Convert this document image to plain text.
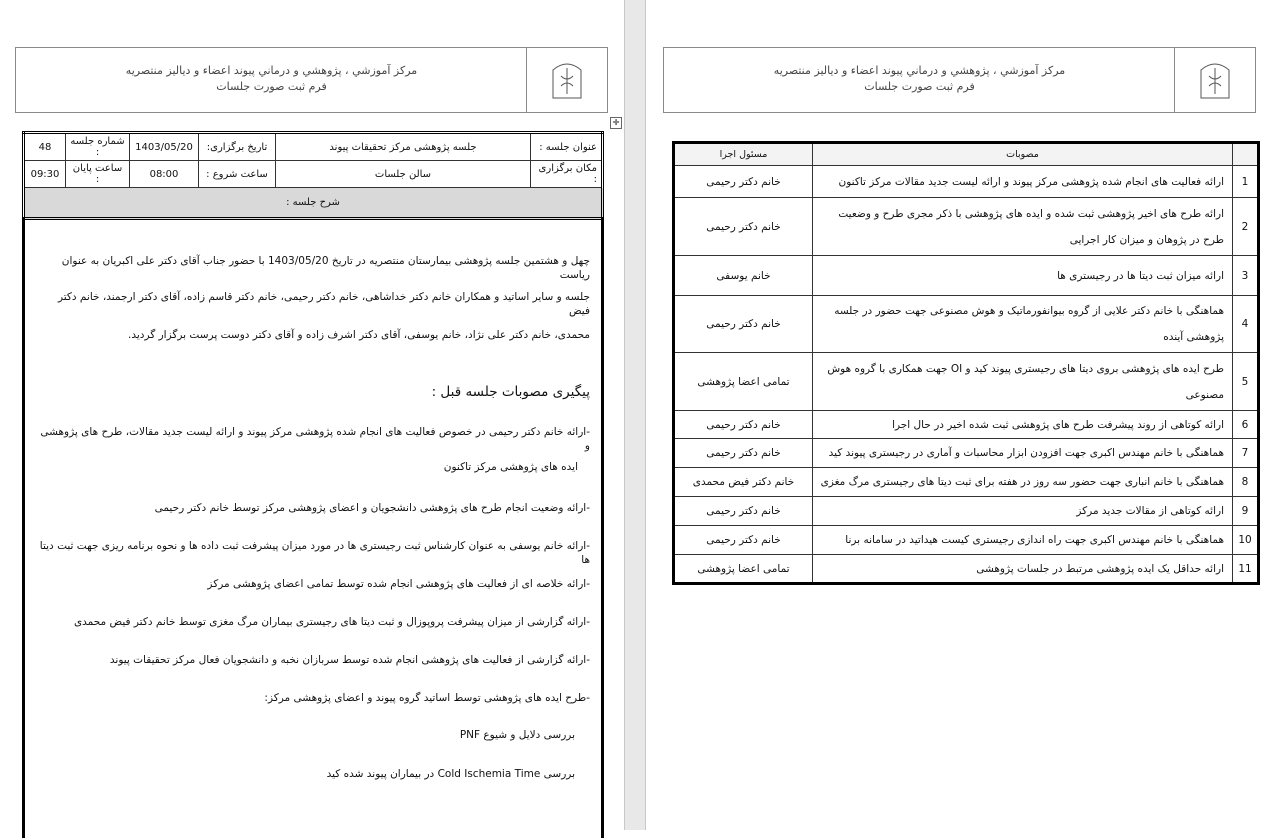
مرکز آموزشي ، پژوهشي و درماني پيوند اعضاء و دياليز منتصريه
فرم ثبت صورت جلسات
✛
عنوان جلسه :	جلسه پژوهشی مرکز تحقیقات پیوند	تاریخ برگزاری:	1403/05/20	شماره جلسه :	48
مکان برگزاری :	سالن جلسات	ساعت شروع :	08:00	ساعت پایان :	09:30
شرح جلسه :					
چهل و هشتمین جلسه پژوهشی بیمارستان منتصریه در تاریخ 1403/05/20 با حضور جناب آقای دکتر علی اکبریان به عنوان ریاست
جلسه و سایر اساتید و همکاران خانم دکتر خداشاهی، خانم دکتر رحیمی، خانم دکتر قاسم زاده، آقای دکتر ارجمند، خانم دکتر فیض
محمدی، خانم دکتر علی نژاد، خانم یوسفی، آقای دکتر اشرف زاده و آقای دکتر دوست پرست برگزار گردید.
پیگیری مصوبات جلسه قبل :
-ارائه خانم دکتر رحیمی در خصوص فعالیت های انجام شده پژوهشی مرکز پیوند و ارائه لیست جدید مقالات، طرح های پژوهشی و
ایده های پژوهشی مرکز تاکنون
-ارائه وضعیت انجام طرح های پژوهشی دانشجویان و اعضای پژوهشی مرکز توسط خانم دکتر رحیمی
-ارائه خانم یوسفی به عنوان کارشناس ثبت رجیستری ها در مورد میزان پیشرفت ثبت داده ها و نحوه برنامه ریزی جهت ثبت دیتا ها
-ارائه خلاصه ای از فعالیت های پژوهشی انجام شده توسط تمامی اعضای پژوهشی مرکز
-ارائه گزارشی از میزان پیشرفت پروپوزال و ثبت دیتا های رجیستری بیماران مرگ مغزی توسط خانم دکتر فیض محمدی
-ارائه گزارشی از فعالیت های پژوهشی انجام شده توسط سربازان نخبه و دانشجویان فعال مرکز تحقیقات پیوند
-طرح ایده های پژوهشی توسط اساتید گروه پیوند و اعضای پژوهشی مرکز:
بررسی دلایل و شیوع PNF
بررسی Cold Ischemia Time در بیماران پیوند شده کید
مرکز آموزشي ، پژوهشي و درماني پيوند اعضاء و دياليز منتصريه
فرم ثبت صورت جلسات
	مصوبات	مسئول اجرا
1	ارائه فعالیت های انجام شده پژوهشی مرکز پیوند و ارائه لیست جدید مقالات مرکز تاکنون	خانم دکتر رحیمی
2	ارائه طرح های اخیر پژوهشی ثبت شده و ایده های پژوهشی با ذکر مجری طرح و وضعیت طرح در پژوهان و میزان کار اجرایی	خانم دکتر رحیمی
3	ارائه میزان ثبت دیتا ها در رجیستری ها	خانم یوسفی
4	هماهنگی با خانم دکتر علایی از گروه بیوانفورماتیک و هوش مصنوعی جهت حضور در جلسه پژوهشی آینده	خانم دکتر رحیمی
5	طرح ایده های پژوهشی بروی دیتا های رجیستری پیوند کید و OI جهت همکاری با گروه هوش مصنوعی	تمامی اعضا پژوهشی
6	ارائه کوتاهی از روند پیشرفت طرح های پژوهشی ثبت شده اخیر در حال اجرا	خانم دکتر رحیمی
7	هماهنگی با خانم مهندس اکبری جهت افزودن ابزار محاسبات و آماری در رجیستری پیوند کید	خانم دکتر رحیمی
8	هماهنگی با خانم انباری جهت حضور سه روز در هفته برای ثبت دیتا های رجیستری مرگ مغزی	خانم دکتر فیض محمدی
9	ارائه کوتاهی از مقالات جدید مرکز	خانم دکتر رحیمی
10	هماهنگی با خانم مهندس اکبری جهت راه اندازی رجیستری کیست هیداتید در سامانه برنا	خانم دکتر رحیمی
11	ارائه حداقل یک ایده پژوهشی مرتبط در جلسات پژوهشی	تمامی اعضا پژوهشی
